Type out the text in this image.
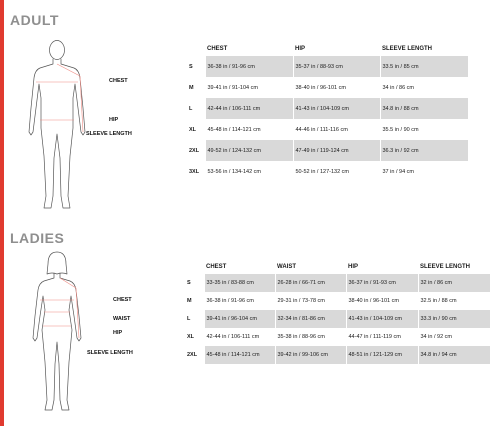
ADULT
CHEST
HIP
SLEEVE LENGTH
	CHEST	HIP	SLEEVE LENGTH
S	36-38 in / 91-96 cm	35-37 in / 88-93 cm	33.5 in / 85 cm
M	39-41 in / 91-104 cm	38-40 in / 96-101 cm	34 in / 86 cm
L	42-44 in / 106-111 cm	41-43 in / 104-109 cm	34.8 in / 88 cm
XL	45-48 in / 114-121 cm	44-46 in / 111-116 cm	35.5 in / 90 cm
2XL	49-52 in / 124-132 cm	47-49 in / 119-124 cm	36.3 in / 92 cm
3XL	53-56 in / 134-142 cm	50-52 in / 127-132 cm	37 in / 94 cm
LADIES
CHEST
WAIST
HIP
SLEEVE LENGTH
	CHEST	WAIST	HIP	SLEEVE LENGTH
S	33-35 in / 83-88 cm	26-28 in / 66-71 cm	36-37 in / 91-93 cm	32 in / 86 cm
M	36-38 in / 91-96 cm	29-31 in / 73-78 cm	38-40 in / 96-101 cm	32.5 in / 88 cm
L	39-41 in / 96-104 cm	32-34 in / 81-86 cm	41-43 in / 104-109 cm	33.3 in / 90 cm
XL	42-44 in / 106-111 cm	35-38 in / 88-96 cm	44-47 in / 111-119 cm	34 in / 92 cm
2XL	45-48 in / 114-121 cm	39-42 in / 99-106 cm	48-51 in / 121-129 cm	34.8 in / 94 cm
